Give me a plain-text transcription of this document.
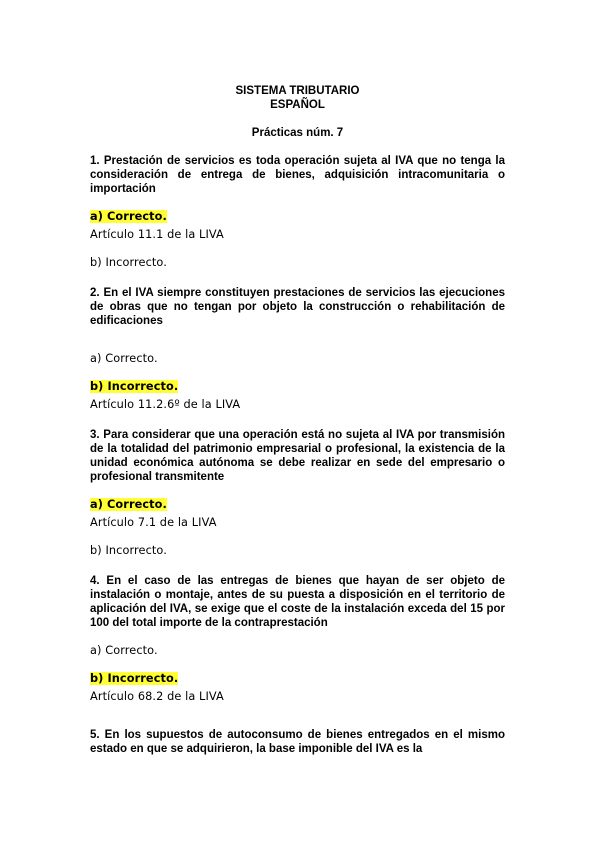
SISTEMA TRIBUTARIO

ESPAÑOL

Prácticas núm. 7

1. Prestación de servicios es toda operación sujeta al IVA que no tenga la consideración de entrega de bienes, adquisición intracomunitaria o importación

a) Correcto.

Artículo 11.1 de la LIVA

b) Incorrecto.

2. En el IVA siempre constituyen prestaciones de servicios las ejecuciones de obras que no tengan por objeto la construcción o rehabilitación de edificaciones

a) Correcto.

b) Incorrecto.

Artículo 11.2.6º de la LIVA

3. Para considerar que una operación está no sujeta al IVA por transmisión de la totalidad del patrimonio empresarial o profesional, la existencia de la unidad económica autónoma se debe realizar en sede del empresario o profesional transmitente

a) Correcto.

Artículo 7.1 de la LIVA

b) Incorrecto.

4. En el caso de las entregas de bienes que hayan de ser objeto de instalación o montaje, antes de su puesta a disposición en el territorio de aplicación del IVA, se exige que el coste de la instalación exceda del 15 por 100 del total importe de la contraprestación

a) Correcto.

b) Incorrecto.

Artículo 68.2 de la LIVA

5. En los supuestos de autoconsumo de bienes entregados en el mismo estado en que se adquirieron, la base imponible del IVA es la
